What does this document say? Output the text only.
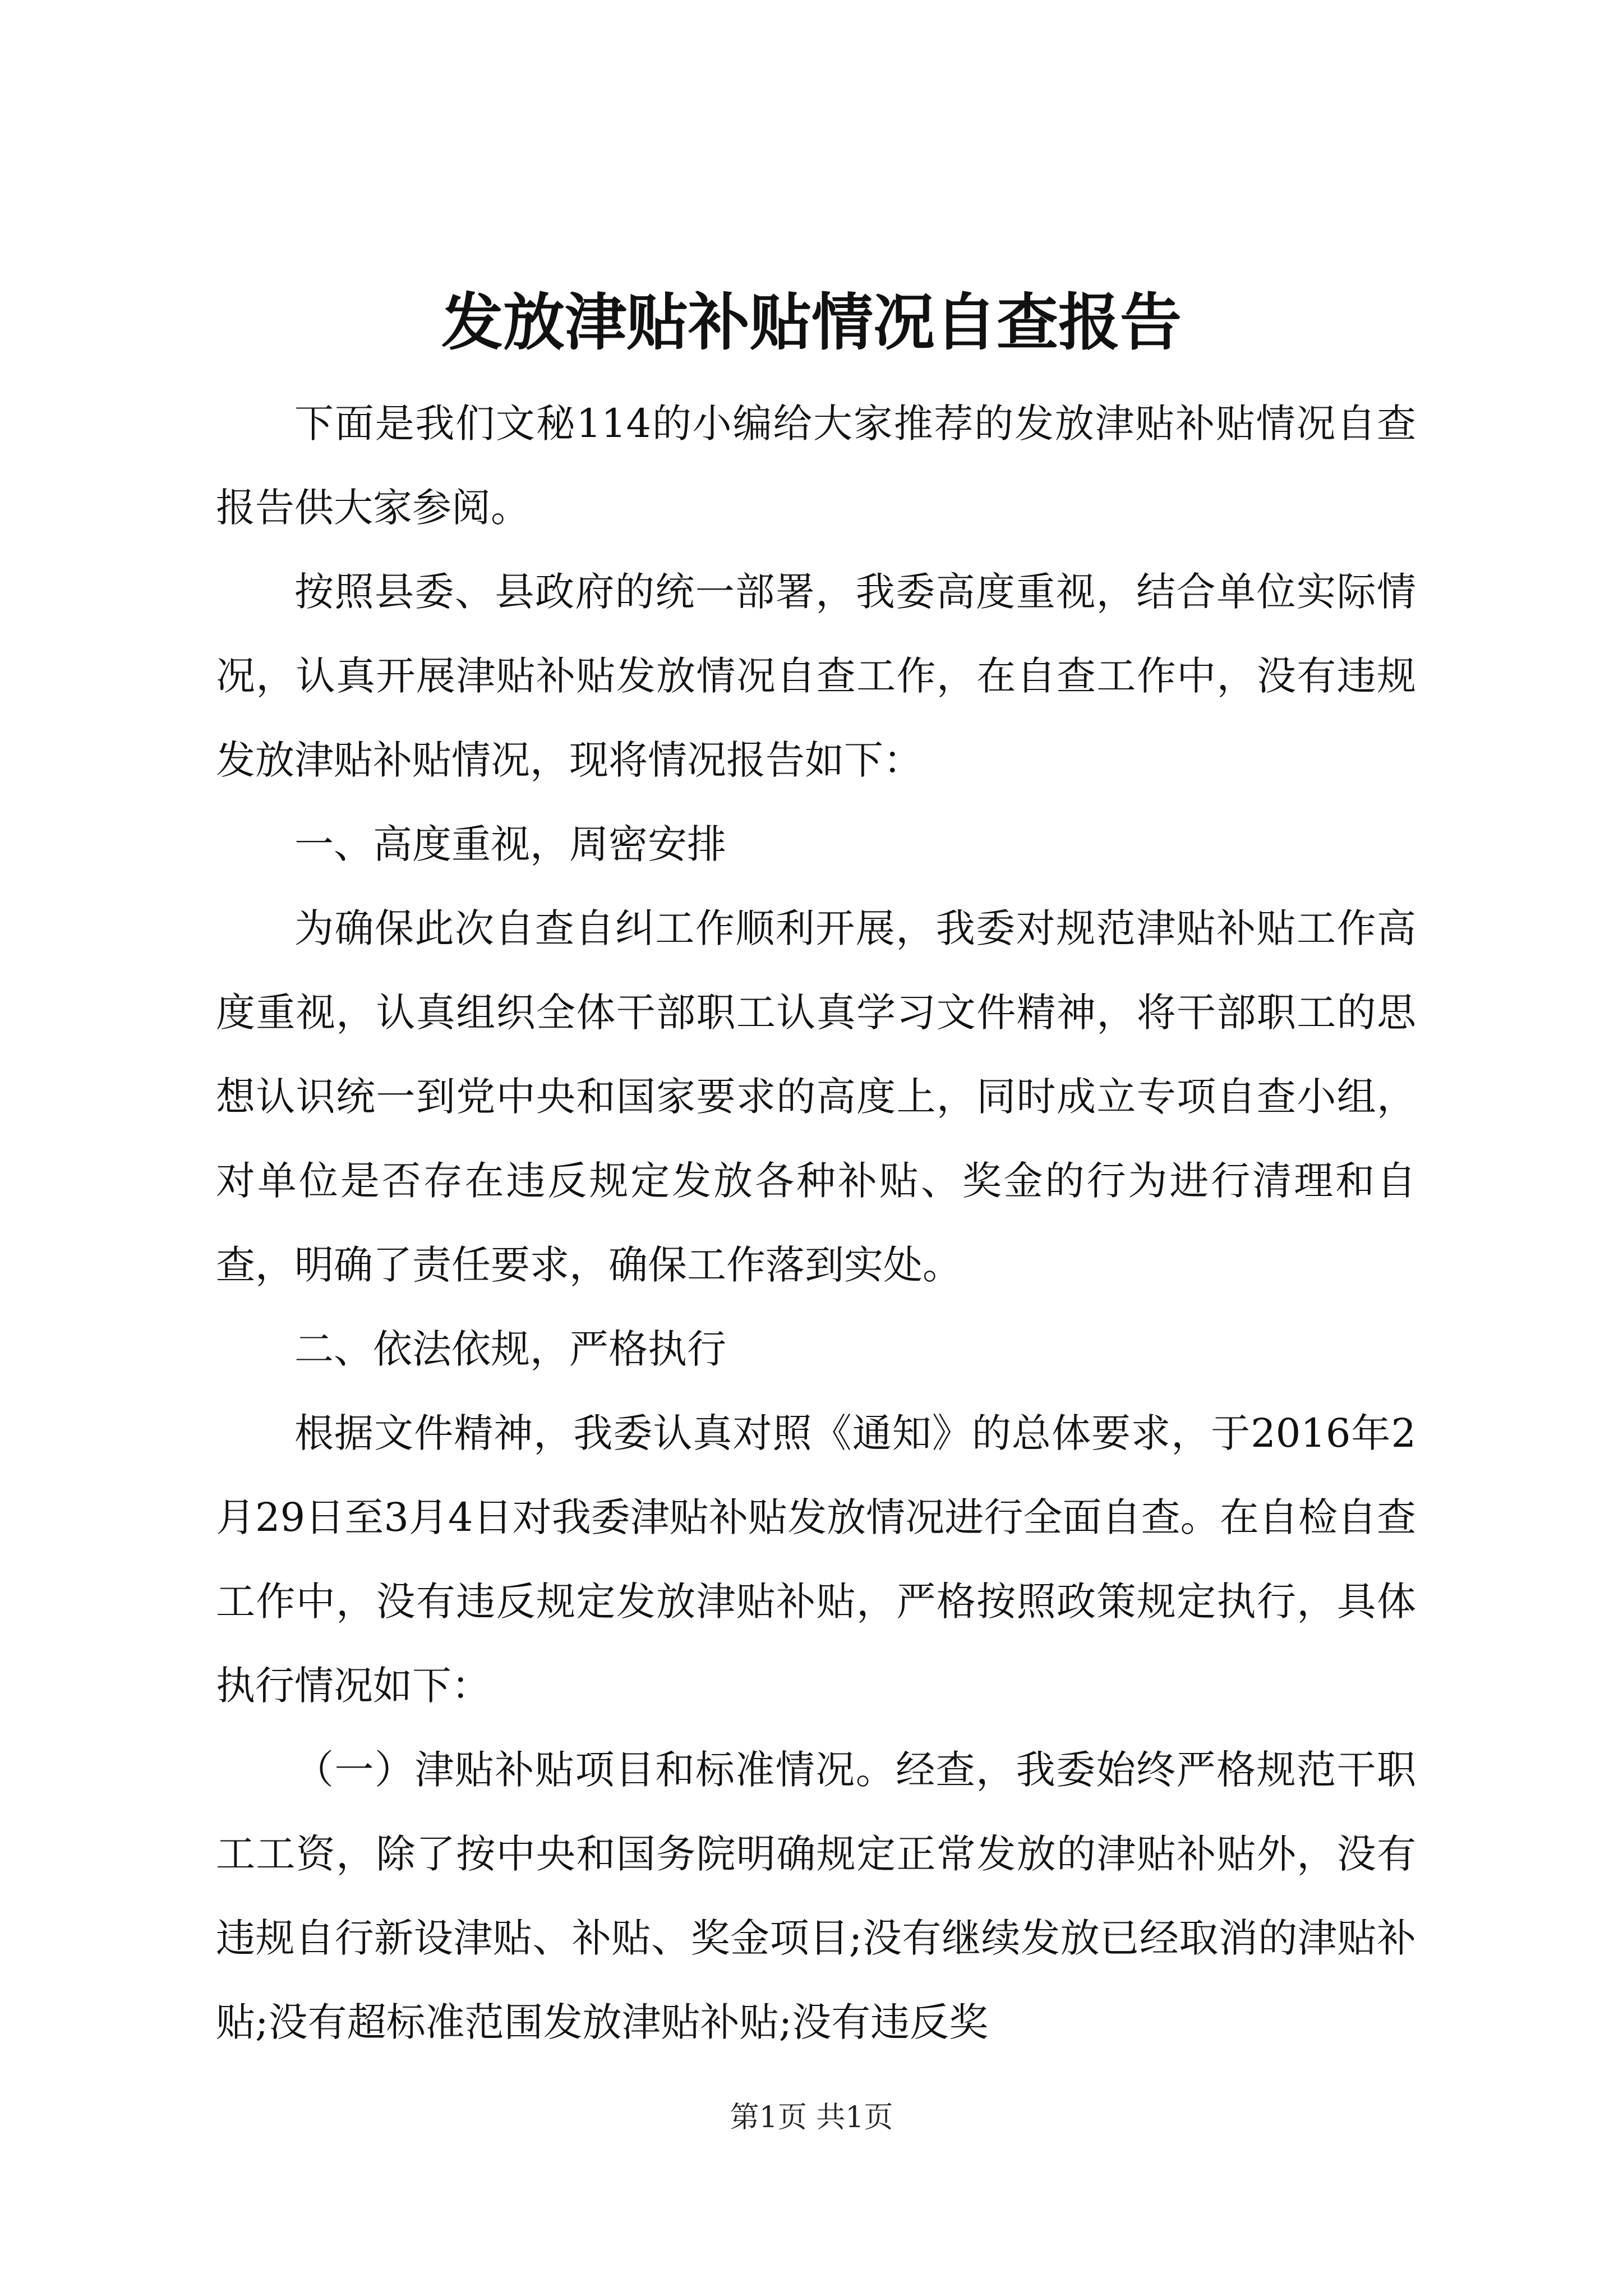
发放津贴补贴情况自查报告

下面是我们文秘114的小编给大家推荐的发放津贴补贴情况自查报告供大家参阅。

按照县委、县政府的统一部署，我委高度重视，结合单位实际情况，认真开展津贴补贴发放情况自查工作，在自查工作中，没有违规发放津贴补贴情况，现将情况报告如下：

一、高度重视，周密安排

为确保此次自查自纠工作顺利开展，我委对规范津贴补贴工作高度重视，认真组织全体干部职工认真学习文件精神，将干部职工的思想认识统一到党中央和国家要求的高度上，同时成立专项自查小组，对单位是否存在违反规定发放各种补贴、奖金的行为进行清理和自查，明确了责任要求，确保工作落到实处。

二、依法依规，严格执行

根据文件精神，我委认真对照《通知》的总体要求，于2016年2月29日至3月4日对我委津贴补贴发放情况进行全面自查。在自检自查工作中，没有违反规定发放津贴补贴，严格按照政策规定执行，具体执行情况如下：

（一）津贴补贴项目和标准情况。经查，我委始终严格规范干职工工资，除了按中央和国务院明确规定正常发放的津贴补贴外，没有违规自行新设津贴、补贴、奖金项目;没有继续发放已经取消的津贴补贴;没有超标准范围发放津贴补贴;没有违反奖

第1页 共1页
